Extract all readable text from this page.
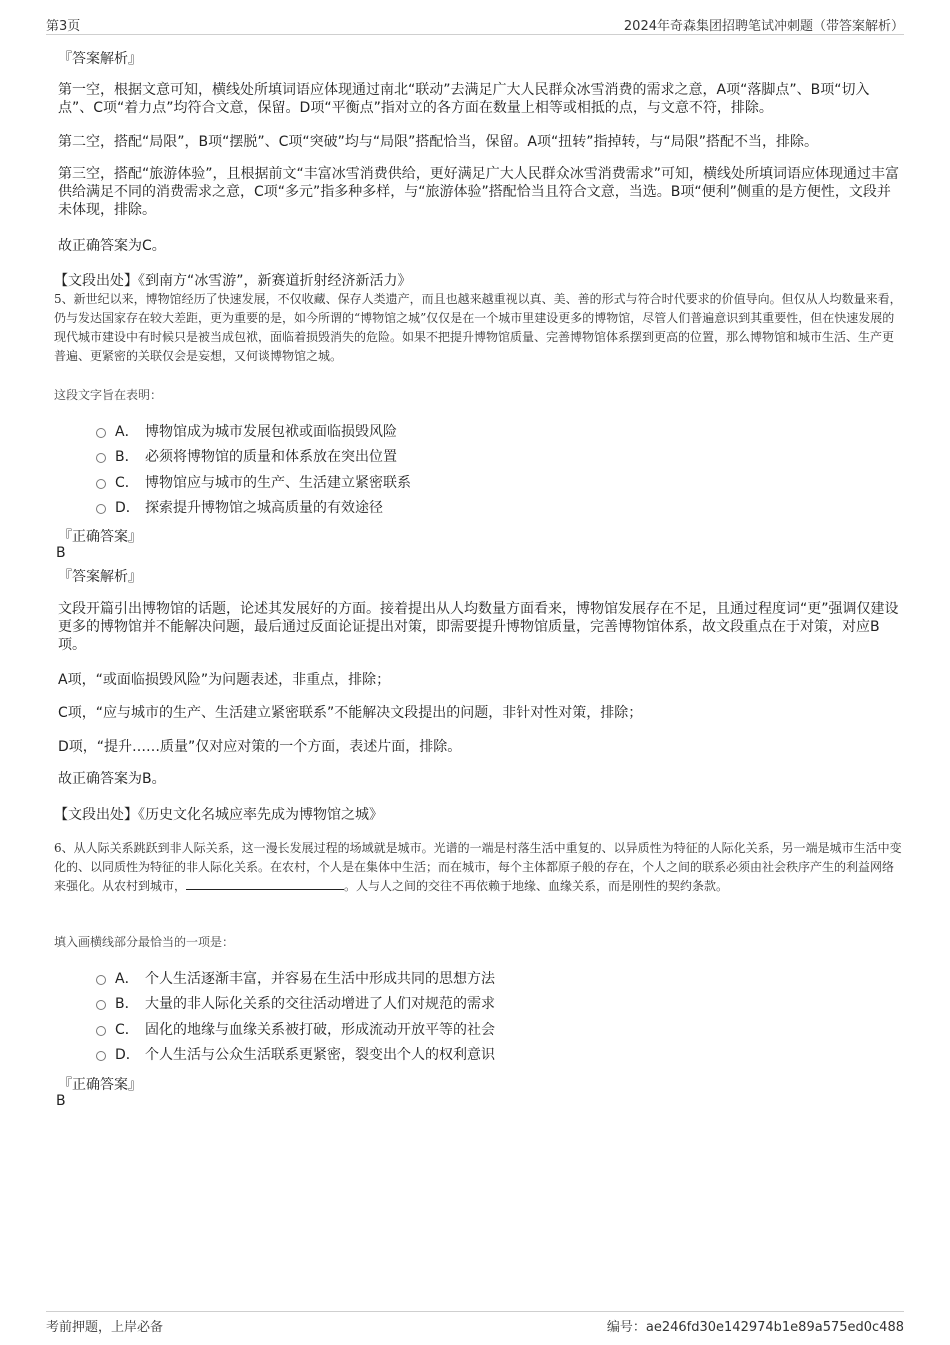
第3页	2024年奇森集团招聘笔试冲刺题（带答案解析）
『答案解析』
第一空，根据文意可知，横线处所填词语应体现通过南北“联动”去满足广大人民群众冰雪消费的需求之意，A项“落脚点”、B项“切入点”、C项“着力点”均符合文意，保留。D项“平衡点”指对立的各方面在数量上相等或相抵的点，与文意不符，排除。
第二空，搭配“局限”，B项“摆脱”、C项“突破”均与“局限”搭配恰当，保留。A项“扭转”指掉转，与“局限”搭配不当，排除。
第三空，搭配“旅游体验”，且根据前文“丰富冰雪消费供给，更好满足广大人民群众冰雪消费需求”可知，横线处所填词语应体现通过丰富供给满足不同的消费需求之意，C项“多元”指多种多样，与“旅游体验”搭配恰当且符合文意，当选。B项“便利”侧重的是方便性，文段并未体现，排除。
故正确答案为C。
【文段出处】《到南方“冰雪游”，新赛道折射经济新活力》
5、新世纪以来，博物馆经历了快速发展，不仅收藏、保存人类遗产，而且也越来越重视以真、美、善的形式与符合时代要求的价值导向。但仅从人均数量来看，仍与发达国家存在较大差距，更为重要的是，如今所谓的“博物馆之城”仅仅是在一个城市里建设更多的博物馆，尽管人们普遍意识到其重要性，但在快速发展的现代城市建设中有时候只是被当成包袱，面临着损毁消失的危险。如果不把提升博物馆质量、完善博物馆体系摆到更高的位置，那么博物馆和城市生活、生产更普遍、更紧密的关联仅会是妄想，又何谈博物馆之城。
这段文字旨在表明：
A． 博物馆成为城市发展包袱或面临损毁风险
B． 必须将博物馆的质量和体系放在突出位置
C． 博物馆应与城市的生产、生活建立紧密联系
D． 探索提升博物馆之城高质量的有效途径
『正确答案』
B
『答案解析』
文段开篇引出博物馆的话题，论述其发展好的方面。接着提出从人均数量方面看来，博物馆发展存在不足，且通过程度词“更”强调仅建设更多的博物馆并不能解决问题，最后通过反面论证提出对策，即需要提升博物馆质量，完善博物馆体系，故文段重点在于对策，对应B项。
A项，“或面临损毁风险”为问题表述，非重点，排除；
C项，“应与城市的生产、生活建立紧密联系”不能解决文段提出的问题，非针对性对策，排除；
D项，“提升……质量”仅对应对策的一个方面，表述片面，排除。
故正确答案为B。
【文段出处】《历史文化名城应率先成为博物馆之城》
6、从人际关系跳跃到非人际关系，这一漫长发展过程的场域就是城市。光谱的一端是村落生活中重复的、以异质性为特征的人际化关系，另一端是城市生活中变化的、以同质性为特征的非人际化关系。在农村，个人是在集体中生活；而在城市，每个主体都原子般的存在，个人之间的联系必须由社会秩序产生的利益网络来强化。从农村到城市，	。人与人之间的交往不再依赖于地缘、血缘关系，而是刚性的契约条款。
填入画横线部分最恰当的一项是：
A． 个人生活逐渐丰富，并容易在生活中形成共同的思想方法
B． 大量的非人际化关系的交往活动增进了人们对规范的需求
C． 固化的地缘与血缘关系被打破，形成流动开放平等的社会
D． 个人生活与公众生活联系更紧密，裂变出个人的权利意识
『正确答案』
B
考前押题，上岸必备	编号：ae246fd30e142974b1e89a575ed0c488
